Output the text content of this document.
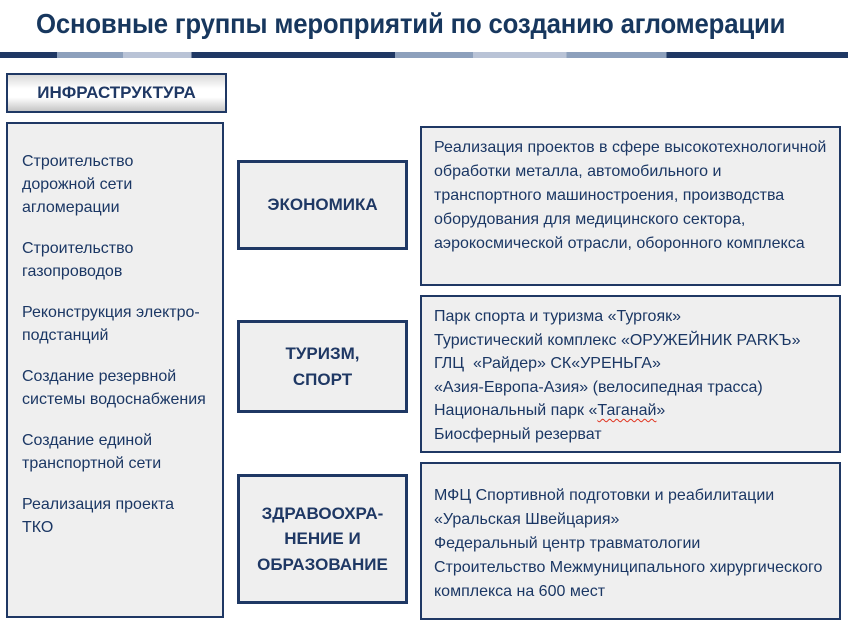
Основные группы мероприятий по созданию агломерации
ИНФРАСТРУКТУРА

Строительство дорожной сети агломерации

Строительство газопроводов

Реконструкция электро-подстанций

Создание резервной системы водоснабжения

Создание единой транспортной сети

Реализация проекта ТКО

ЭКОНОМИКА

Реализация проектов в сфере высокотехнологичной обработки металла, автомобильного и транспортного машиностроения, производства оборудования для медицинского сектора, аэрокосмической отрасли, оборонного комплекса

ТУРИЗМ,
СПОРТ
Парк спорта и туризма «Тургояк»
Туристический комплекс «ОРУЖЕЙНИК PARKЪ»
ГЛЦ  «Райдер» СК«УРЕНЬГА»
«Азия-Европа-Азия» (велосипедная трасса)
Национальный парк «Таганай»
Биосферный резерват
ЗДРАВООХРА-
НЕНИЕ И
ОБРАЗОВАНИЕ
МФЦ Спортивной подготовки и реабилитации «Уральская Швейцария»
Федеральный центр травматологии
Строительство Межмуниципального хирургического комплекса на 600 мест
